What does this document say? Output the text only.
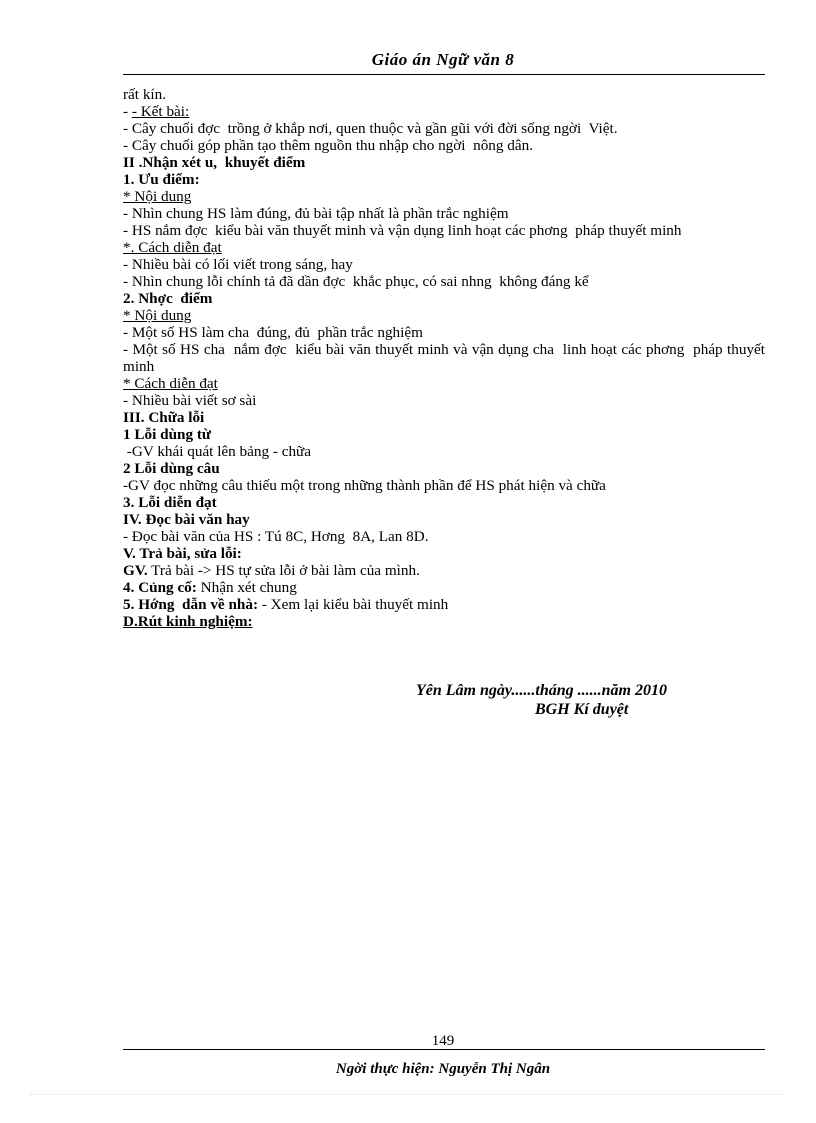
Giáo án Ngữ văn 8
rất kín.
- - Kết bài:
- Cây chuối đợc  trồng ở khắp nơi, quen thuộc và gần gũi với đời sống ngời  Việt.
- Cây chuối góp phần tạo thêm nguồn thu nhập cho ngời  nông dân.
II .Nhận xét u,  khuyết điểm
1. Ưu điểm:
* Nội dung
- Nhìn chung HS làm đúng, đủ bài tập nhất là phần trắc nghiệm
- HS nắm đợc  kiểu bài văn thuyết minh và vận dụng linh hoạt các phơng  pháp thuyết minh
*. Cách diễn đạt
- Nhiều bài có lối viết trong sáng, hay
- Nhìn chung lỗi chính tả đã dần đợc  khắc phục, có sai nhng  không đáng kể
2. Nhợc  điểm
* Nội dung
- Một số HS làm cha  đúng, đủ  phần trắc nghiệm
- Một số HS cha  nắm đợc  kiểu bài văn thuyết minh và vận dụng cha  linh hoạt các phơng  pháp thuyết minh
* Cách diễn đạt
- Nhiều bài viết sơ sài
III. Chữa lỗi
1 Lỗi dùng từ
-GV khái quát lên bảng - chữa
2 Lỗi dùng câu
-GV đọc những câu thiếu một trong những thành phần để HS phát hiện và chữa
3. Lỗi diễn đạt
IV. Đọc bài văn hay
- Đọc bài văn của HS : Tú 8C, Hơng  8A, Lan 8D.
V. Trả bài, sửa lỗi:
GV. Trả bài -> HS tự sửa lỗi ở bài làm của mình.
4. Củng cố: Nhận xét chung
5. Hớng  dẫn về nhà: - Xem lại kiểu bài thuyết minh
D.Rút kinh nghiệm:
Yên Lâm ngày......tháng ......năm 2010
BGH Kí duyệt
149
Ngời thực hiện: Nguyễn Thị Ngân
